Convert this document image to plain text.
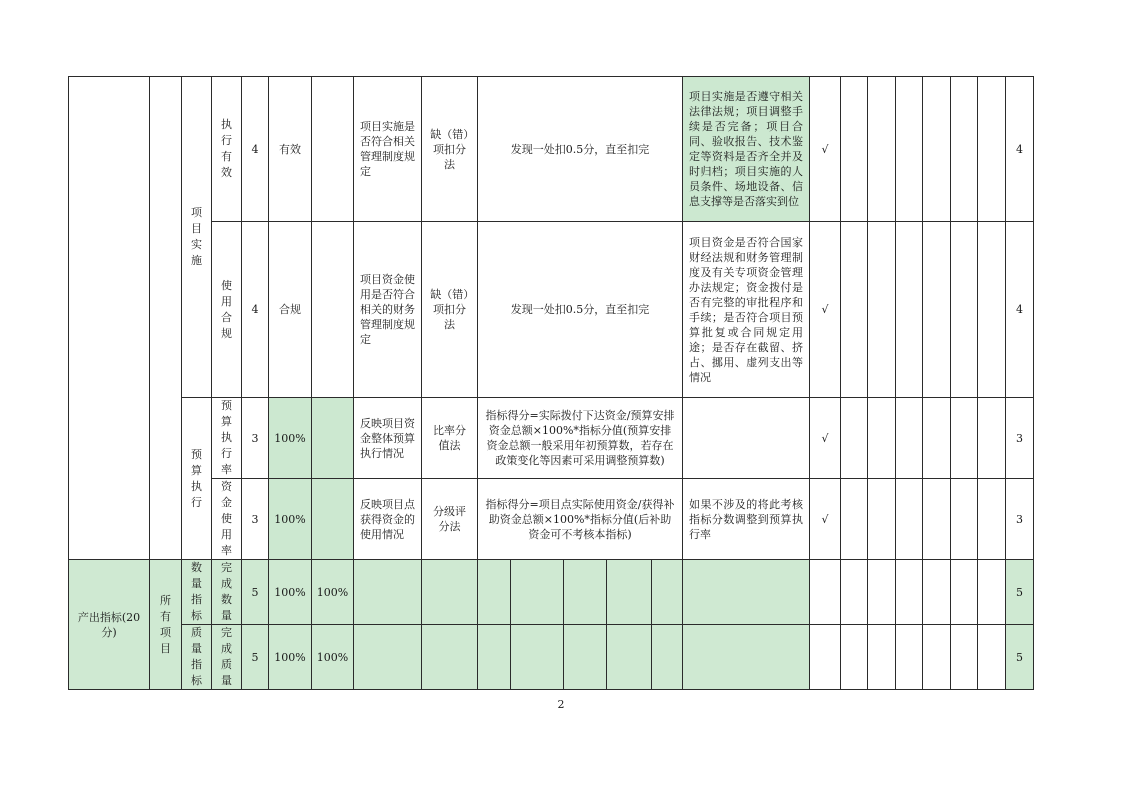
		项目实施	执行有效	4	有效		项目实施是否符合相关管理制度规定	缺（错）项扣分法	发现一处扣0.5分，直至扣完					项目实施是否遵守相关法律法规；项目调整手续是否完备；项目合同、验收报告、技术鉴定等资料是否齐全并及时归档；项目实施的人员条件、场地设备、信息支撑等是否落实到位	√							4
			使用合规	4	合规		项目资金使用是否符合相关的财务管理制度规定	缺（错）项扣分法	发现一处扣0.5分，直至扣完					项目资金是否符合国家财经法规和财务管理制度及有关专项资金管理办法规定；资金拨付是否有完整的审批程序和手续；是否符合项目预算批复或合同规定用途；是否存在截留、挤占、挪用、虚列支出等情况	√							4
		预算执行	预算执行率	3	100%		反映项目资金整体预算执行情况	比率分值法	指标得分=实际拨付下达资金/预算安排资金总额×100%*指标分值(预算安排资金总额一般采用年初预算数，若存在政策变化等因素可采用调整预算数)						√							3
			资金使用率	3	100%		反映项目点获得资金的使用情况	分级评分法	指标得分=项目点实际使用资金/获得补助资金总额×100%*指标分值(后补助资金可不考核本指标)					如果不涉及的将此考核指标分数调整到预算执行率	√							3
产出指标(20分)	所有项目	数量指标	完成数量	5	100%	100%																5
		质量指标	完成质量	5	100%	100%																5
2
